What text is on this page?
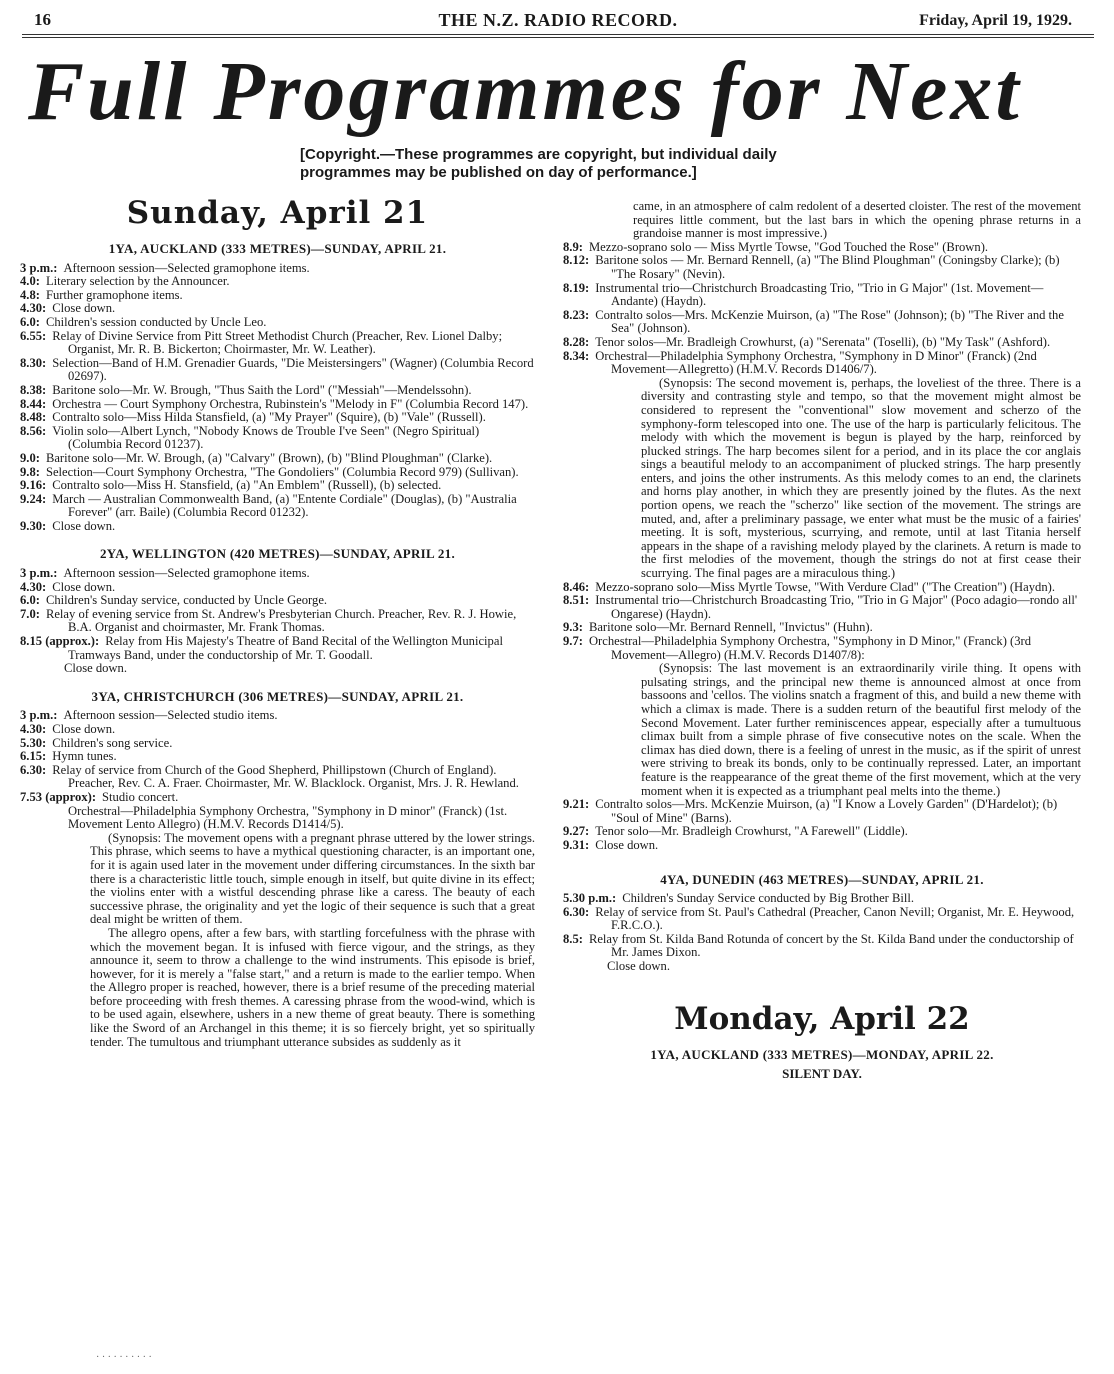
16	THE N.Z. RADIO RECORD.	Friday, April 19, 1929.
Full Programmes for Next
[Copyright.—These programmes are copyright, but individual daily programmes may be published on day of performance.]
Sunday, April 21
1YA, AUCKLAND (333 METRES)—SUNDAY, APRIL 21.

3 p.m.: Afternoon session—Selected gramophone items.

4.0: Literary selection by the Announcer.

4.8: Further gramophone items.

4.30: Close down.

6.0: Children's session conducted by Uncle Leo.

6.55: Relay of Divine Service from Pitt Street Methodist Church (Preacher, Rev. Lionel Dalby; Organist, Mr. R. B. Bickerton; Choirmaster, Mr. W. Leather).

8.30: Selection—Band of H.M. Grenadier Guards, "Die Meistersingers" (Wagner) (Columbia Record 02697).

8.38: Baritone solo—Mr. W. Brough, "Thus Saith the Lord" ("Messiah"—Mendelssohn).

8.44: Orchestra — Court Symphony Orchestra, Rubinstein's "Melody in F" (Columbia Record 147).

8.48: Contralto solo—Miss Hilda Stansfield, (a) "My Prayer" (Squire), (b) "Vale" (Russell).

8.56: Violin solo—Albert Lynch, "Nobody Knows de Trouble I've Seen" (Negro Spiritual) (Columbia Record 01237).

9.0: Baritone solo—Mr. W. Brough, (a) "Calvary" (Brown), (b) "Blind Ploughman" (Clarke).

9.8: Selection—Court Symphony Orchestra, "The Gondoliers" (Columbia Record 979) (Sullivan).

9.16: Contralto solo—Miss H. Stansfield, (a) "An Emblem" (Russell), (b) selected.

9.24: March — Australian Commonwealth Band, (a) "Entente Cordiale" (Douglas), (b) "Australia Forever" (arr. Baile) (Columbia Record 01232).

9.30: Close down.

2YA, WELLINGTON (420 METRES)—SUNDAY, APRIL 21.

3 p.m.: Afternoon session—Selected gramophone items.

4.30: Close down.

6.0: Children's Sunday service, conducted by Uncle George.

7.0: Relay of evening service from St. Andrew's Presbyterian Church. Preacher, Rev. R. J. Howie, B.A. Organist and choirmaster, Mr. Frank Thomas.

8.15 (approx.): Relay from His Majesty's Theatre of Band Recital of the Wellington Municipal Tramways Band, under the conductorship of Mr. T. Goodall.

Close down.

3YA, CHRISTCHURCH (306 METRES)—SUNDAY, APRIL 21.

3 p.m.: Afternoon session—Selected studio items.

4.30: Close down.

5.30: Children's song service.

6.15: Hymn tunes.

6.30: Relay of service from Church of the Good Shepherd, Phillipstown (Church of England). Preacher, Rev. C. A. Fraer. Choirmaster, Mr. W. Blacklock. Organist, Mrs. J. R. Hewland.

7.53 (approx): Studio concert.

Orchestral—Philadelphia Symphony Orchestra, "Symphony in D minor" (Franck) (1st. Movement Lento Allegro) (H.M.V. Records D1414/5).

(Synopsis: The movement opens with a pregnant phrase uttered by the lower strings. This phrase, which seems to have a mythical questioning character, is an important one, for it is again used later in the movement under differing circumstances. In the sixth bar there is a characteristic little touch, simple enough in itself, but quite divine in its effect; the violins enter with a wistful descending phrase like a caress. The beauty of each successive phrase, the originality and yet the logic of their sequence is such that a great deal might be written of them.

The allegro opens, after a few bars, with startling forcefulness with the phrase with which the movement began. It is infused with fierce vigour, and the strings, as they announce it, seem to throw a challenge to the wind instruments. This episode is brief, however, for it is merely a "false start," and a return is made to the earlier tempo. When the Allegro proper is reached, however, there is a brief resume of the preceding material before proceeding with fresh themes. A caressing phrase from the wood-wind, which is to be used again, elsewhere, ushers in a new theme of great beauty. There is something like the Sword of an Archangel in this theme; it is so fiercely bright, yet so spiritually tender. The tumultous and triumphant utterance subsides as suddenly as it

came, in an atmosphere of calm redolent of a deserted cloister. The rest of the movement requires little comment, but the last bars in which the opening phrase returns in a grandoise manner is most impressive.)

8.9: Mezzo-soprano solo — Miss Myrtle Towse, "God Touched the Rose" (Brown).

8.12: Baritone solos — Mr. Bernard Rennell, (a) "The Blind Ploughman" (Coningsby Clarke); (b) "The Rosary" (Nevin).

8.19: Instrumental trio—Christchurch Broadcasting Trio, "Trio in G Major" (1st. Movement—Andante) (Haydn).

8.23: Contralto solos—Mrs. McKenzie Muirson, (a) "The Rose" (Johnson); (b) "The River and the Sea" (Johnson).

8.28: Tenor solos—Mr. Bradleigh Crowhurst, (a) "Serenata" (Toselli), (b) "My Task" (Ashford).

8.34: Orchestral—Philadelphia Symphony Orchestra, "Symphony in D Minor" (Franck) (2nd Movement—Allegretto) (H.M.V. Records D1406/7).

(Synopsis: The second movement is, perhaps, the loveliest of the three. There is a diversity and contrasting style and tempo, so that the movement might almost be considered to represent the "conventional" slow movement and scherzo of the symphony-form telescoped into one. The use of the harp is particularly felicitous. The melody with which the movement is begun is played by the harp, reinforced by plucked strings. The harp becomes silent for a period, and in its place the cor anglais sings a beautiful melody to an accompaniment of plucked strings. The harp presently enters, and joins the other instruments. As this melody comes to an end, the clarinets and horns play another, in which they are presently joined by the flutes. As the next portion opens, we reach the "scherzo" like section of the movement. The strings are muted, and, after a preliminary passage, we enter what must be the music of a fairies' meeting. It is soft, mysterious, scurrying, and remote, until at last Titania herself appears in the shape of a ravishing melody played by the clarinets. A return is made to the first melodies of the movement, though the strings do not at first cease their scurrying. The final pages are a miraculous thing.)

8.46: Mezzo-soprano solo—Miss Myrtle Towse, "With Verdure Clad" ("The Creation") (Haydn).

8.51: Instrumental trio—Christchurch Broadcasting Trio, "Trio in G Major" (Poco adagio—rondo all' Ongarese) (Haydn).

9.3: Baritone solo—Mr. Bernard Rennell, "Invictus" (Huhn).

9.7: Orchestral—Philadelphia Symphony Orchestra, "Symphony in D Minor," (Franck) (3rd Movement—Allegro) (H.M.V. Records D1407/8):

(Synopsis: The last movement is an extraordinarily virile thing. It opens with pulsating strings, and the principal new theme is announced almost at once from bassoons and 'cellos. The violins snatch a fragment of this, and build a new theme with which a climax is made. There is a sudden return of the beautiful first melody of the Second Movement. Later further reminiscences appear, especially after a tumultuous climax built from a simple phrase of five consecutive notes on the scale. When the climax has died down, there is a feeling of unrest in the music, as if the spirit of unrest were striving to break its bonds, only to be continually repressed. Later, an important feature is the reappearance of the great theme of the first movement, which at the very moment when it is expected as a triumphant peal melts into the theme.)

9.21: Contralto solos—Mrs. McKenzie Muirson, (a) "I Know a Lovely Garden" (D'Hardelot); (b) "Soul of Mine" (Barns).

9.27: Tenor solo—Mr. Bradleigh Crowhurst, "A Farewell" (Liddle).

9.31: Close down.

4YA, DUNEDIN (463 METRES)—SUNDAY, APRIL 21.

5.30 p.m.: Children's Sunday Service conducted by Big Brother Bill.

6.30: Relay of service from St. Paul's Cathedral (Preacher, Canon Nevill; Organist, Mr. E. Heywood, F.R.C.O.).

8.5: Relay from St. Kilda Band Rotunda of concert by the St. Kilda Band under the conductorship of Mr. James Dixon.

Close down.

Monday, April 22
1YA, AUCKLAND (333 METRES)—MONDAY, APRIL 22.
SILENT DAY.
· · · · · · · · · ·
